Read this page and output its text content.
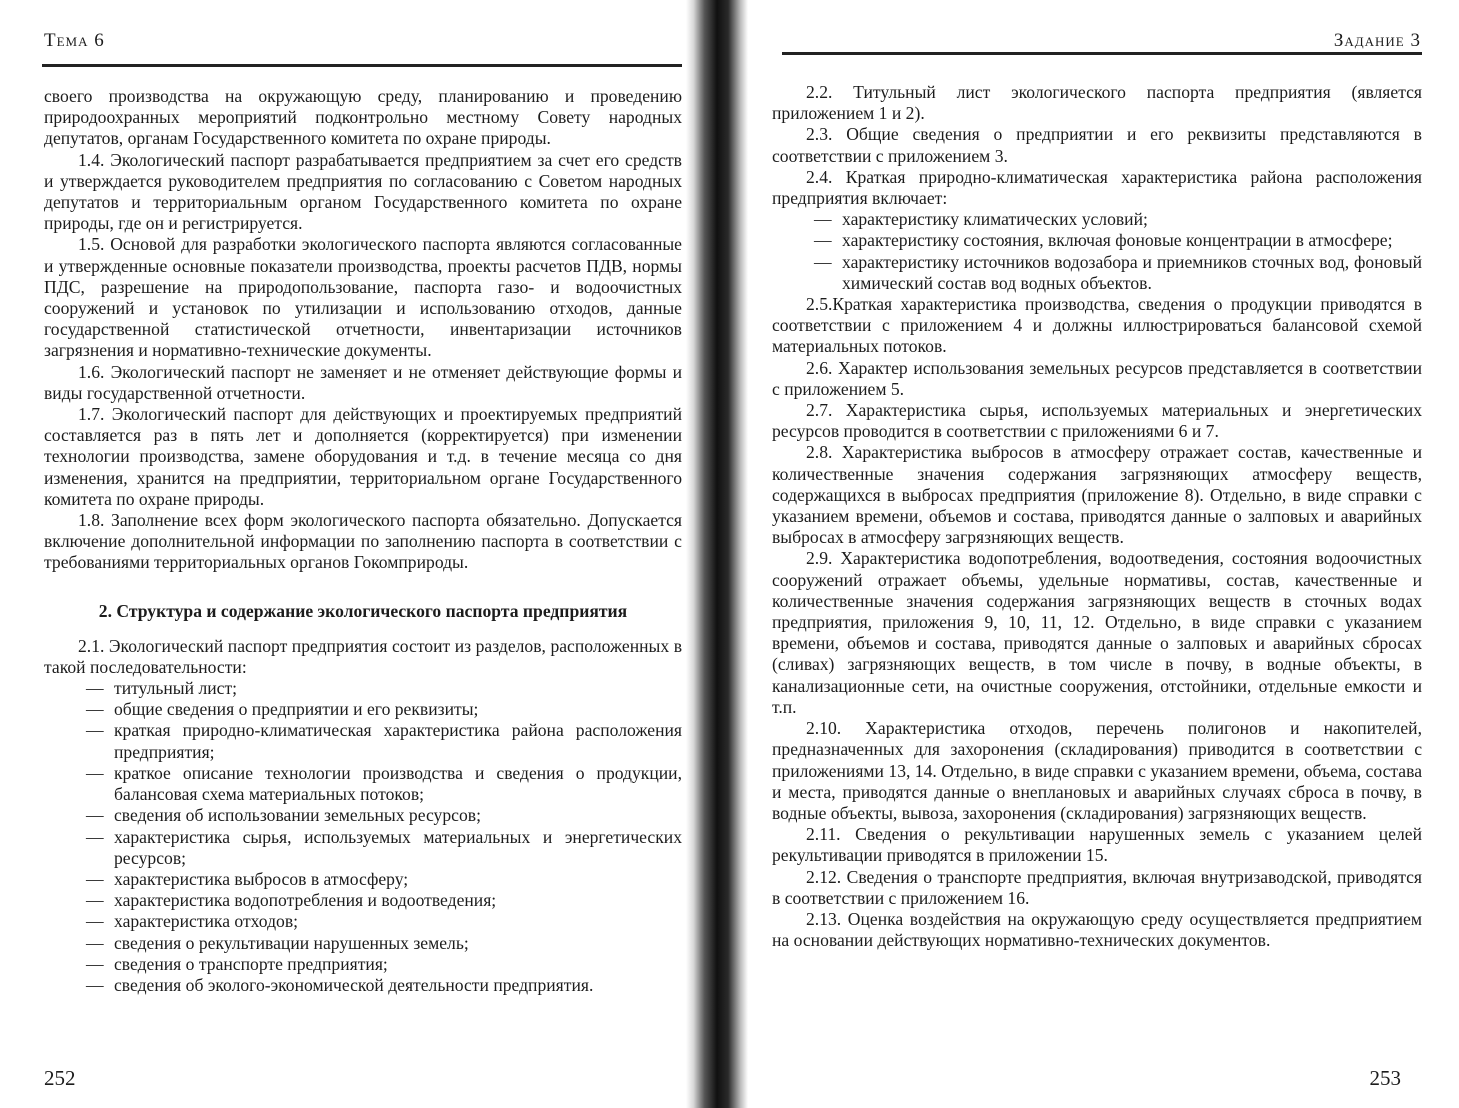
Тема 6

своего производства на окружающую среду, планированию и проведению природоохранных мероприятий подконтрольно местному Совету народных депутатов, органам Государственного комитета по охране природы.

1.4. Экологический паспорт разрабатывается предприятием за счет его средств и утверждается руководителем предприятия по согласованию с Советом народных депутатов и территориальным органом Государственного комитета по охране природы, где он и регистрируется.

1.5. Основой для разработки экологического паспорта являются согласованные и утвержденные основные показатели производства, проекты расчетов ПДВ, нормы ПДС, разрешение на природопользование, паспорта газо- и водоочистных сооружений и установок по утилизации и использованию отходов, данные государственной статистической отчетности, инвентаризации источников загрязнения и нормативно-технические документы.

1.6. Экологический паспорт не заменяет и не отменяет действующие формы и виды государственной отчетности.

1.7. Экологический паспорт для действующих и проектируемых предприятий составляется раз в пять лет и дополняется (корректируется) при изменении технологии производства, замене оборудования и т.д. в течение месяца со дня изменения, хранится на предприятии, территориальном органе Государственного комитета по охране природы.

1.8. Заполнение всех форм экологического паспорта обязательно. Допускается включение дополнительной информации по заполнению паспорта в соответствии с требованиями территориальных органов Гокомприроды.

2. Структура и содержание экологического паспорта предприятия

2.1. Экологический паспорт предприятия состоит из разделов, расположенных в такой последовательности:

— титульный лист;
— общие сведения о предприятии и его реквизиты;
— краткая природно-климатическая характеристика района расположения предприятия;
— краткое описание технологии производства и сведения о продукции, балансовая схема материальных потоков;
— сведения об использовании земельных ресурсов;
— характеристика сырья, используемых материальных и энергетических ресурсов;
— характеристика выбросов в атмосферу;
— характеристика водопотребления и водоотведения;
— характеристика отходов;
— сведения о рекультивации нарушенных земель;
— сведения о транспорте предприятия;
— сведения об эколого-экономической деятельности предприятия.
252
Задание 3

2.2. Титульный лист экологического паспорта предприятия (является приложением 1 и 2).

2.3. Общие сведения о предприятии и его реквизиты представляются в соответствии с приложением 3.

2.4. Краткая природно-климатическая характеристика района расположения предприятия включает:

— характеристику климатических условий;
— характеристику состояния, включая фоновые концентрации в атмосфере;
— характеристику источников водозабора и приемников сточных вод, фоновый химический состав вод водных объектов.

2.5.Краткая характеристика производства, сведения о продукции приводятся в соответствии с приложением 4 и должны иллюстрироваться балансовой схемой материальных потоков.

2.6. Характер использования земельных ресурсов представляется в соответствии с приложением 5.

2.7. Характеристика сырья, используемых материальных и энергетических ресурсов проводится в соответствии с приложениями 6 и 7.

2.8. Характеристика выбросов в атмосферу отражает состав, качественные и количественные значения содержания загрязняющих атмосферу веществ, содержащихся в выбросах предприятия (приложение 8). Отдельно, в виде справки с указанием времени, объемов и состава, приводятся данные о залповых и аварийных выбросах в атмосферу загрязняющих веществ.

2.9. Характеристика водопотребления, водоотведения, состояния водоочистных сооружений отражает объемы, удельные нормативы, состав, качественные и количественные значения содержания загрязняющих веществ в сточных водах предприятия, приложения 9, 10, 11, 12. Отдельно, в виде справки с указанием времени, объемов и состава, приводятся данные о залповых и аварийных сбросах (сливах) загрязняющих веществ, в том числе в почву, в водные объекты, в канализационные сети, на очистные сооружения, отстойники, отдельные емкости и т.п.

2.10. Характеристика отходов, перечень полигонов и накопителей, предназначенных для захоронения (складирования) приводится в соответствии с приложениями 13, 14. Отдельно, в виде справки с указанием времени, объема, состава и места, приводятся данные о внеплановых и аварийных случаях сброса в почву, в водные объекты, вывоза, захоронения (складирования) загрязняющих веществ.

2.11. Сведения о рекультивации нарушенных земель с указанием целей рекультивации приводятся в приложении 15.

2.12. Сведения о транспорте предприятия, включая внутризаводской, приводятся в соответствии с приложением 16.

2.13. Оценка воздействия на окружающую среду осуществляется предприятием на основании действующих нормативно-технических документов.

253
